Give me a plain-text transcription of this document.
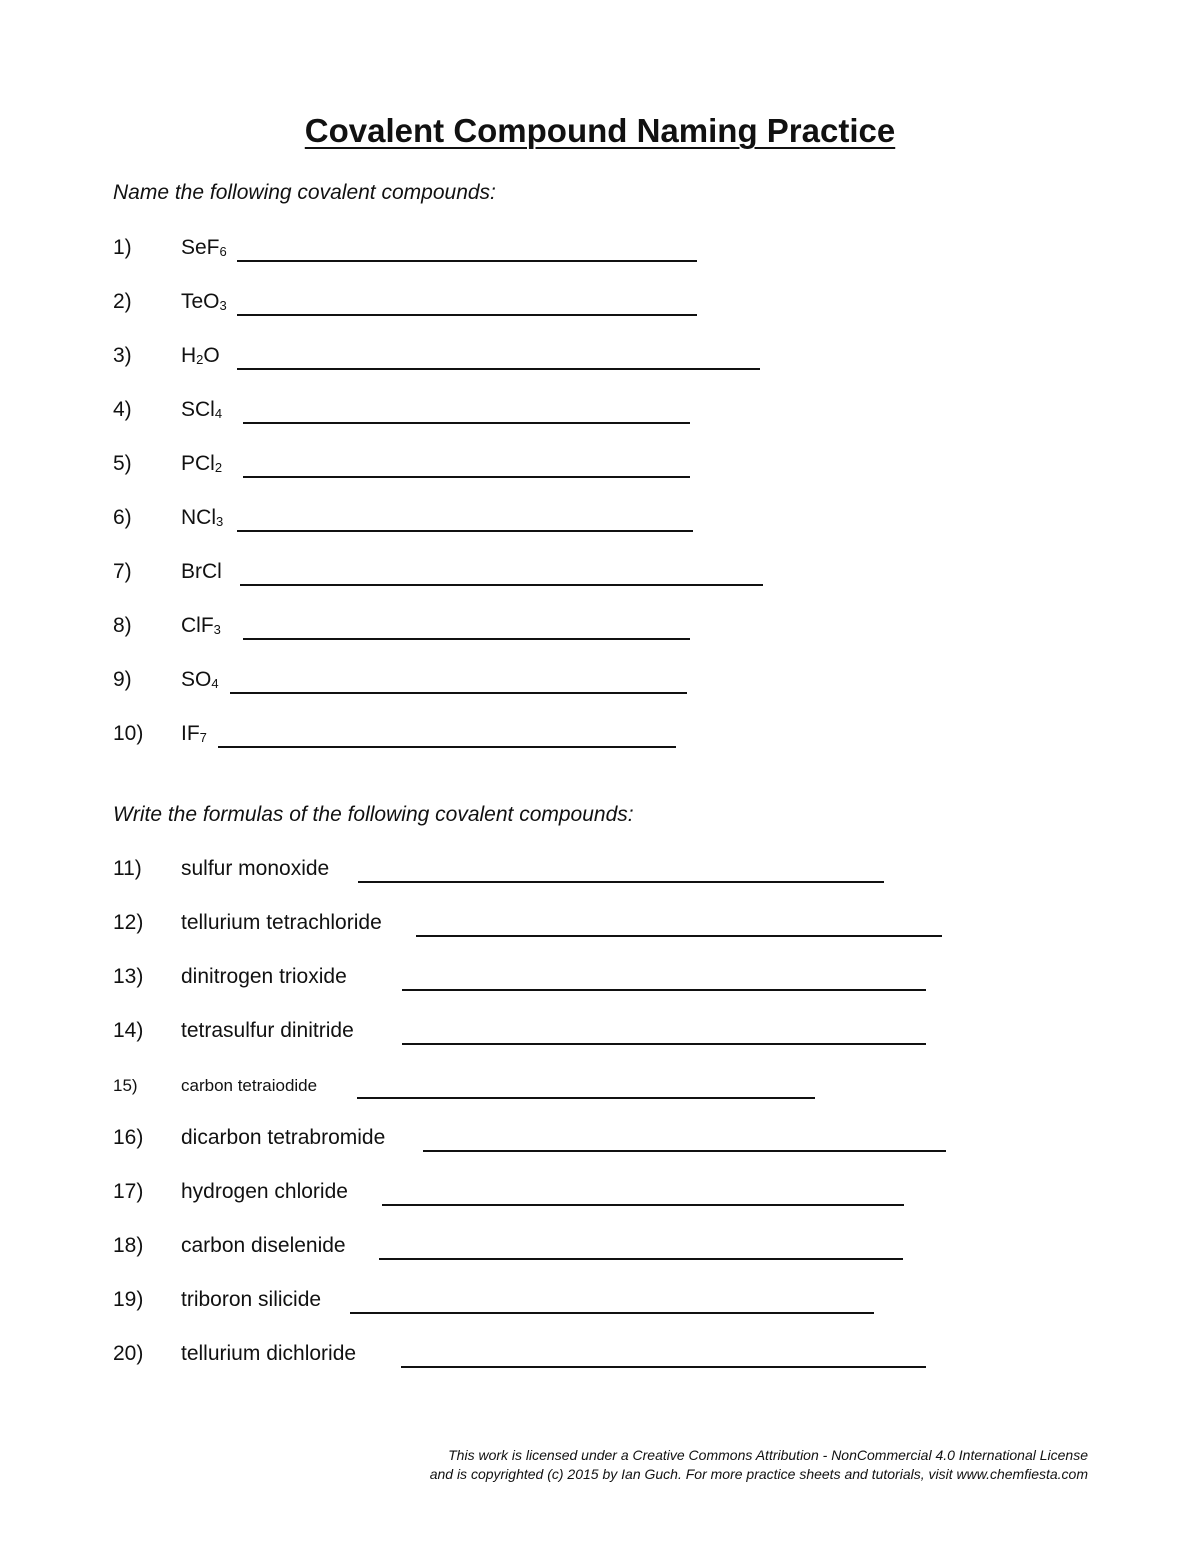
Covalent Compound Naming Practice
Name the following covalent compounds:
1) SeF$_6$
2) TeO$_3$
3) $H_2O$
4) SCl$_4$
5) PCl$_2$
6) NCl$_3$
7) BrCl
8) ClF$_3$
9) $SO_4$
10) $IF_7$
Write the formulas of the following covalent compounds:
11) sulfur monoxide
12) tellurium tetrachloride
13) dinitrogen trioxide
14) tetrasulfur dinitride
15)	carbon tetraiodide
16) dicarbon tetrabromide
17) hydrogen chloride
18) carbon diselenide
19) triboron silicide
20) tellurium dichloride
This work is licensed under a Creative Commons Attribution - NonCommercial 4.0 International License
and is copyrighted (c) 2015 by Ian Guch. For more practice sheets and tutorials, visit www.chemfiesta.com
